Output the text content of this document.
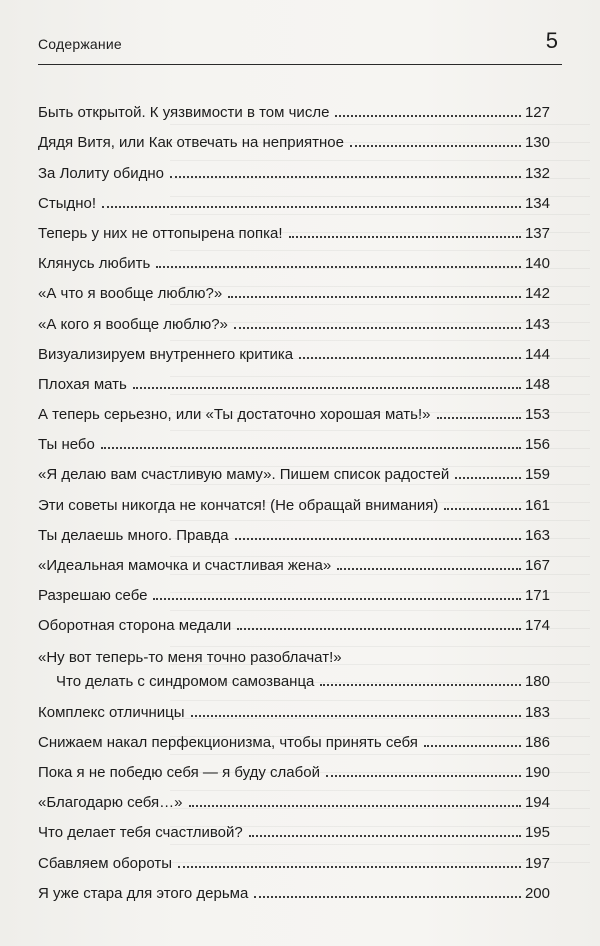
Содержание	5
Быть открытой. К уязвимости в том числе	127
Дядя Витя, или Как отвечать на неприятное	130
За Лолиту обидно	132
Стыдно!	134
Теперь у них не оттопырена попка!	137
Клянусь любить	140
«А что я вообще люблю?»	142
«А кого я вообще люблю?»	143
Визуализируем внутреннего критика	144
Плохая мать	148
А теперь серьезно, или «Ты достаточно хорошая мать!»	153
Ты небо	156
«Я делаю вам счастливую маму». Пишем список радостей	159
Эти советы никогда не кончатся! (Не обращай внимания)	161
Ты делаешь много. Правда	163
«Идеальная мамочка и счастливая жена»	167
Разрешаю себе	171
Оборотная сторона медали	174
«Ну вот теперь-то меня точно разоблачат!»
Что делать с синдромом самозванца	180
Комплекс отличницы	183
Снижаем накал перфекционизма, чтобы принять себя	186
Пока я не победю себя — я буду слабой	190
«Благодарю себя…»	194
Что делает тебя счастливой?	195
Сбавляем обороты	197
Я уже стара для этого дерьма	200
